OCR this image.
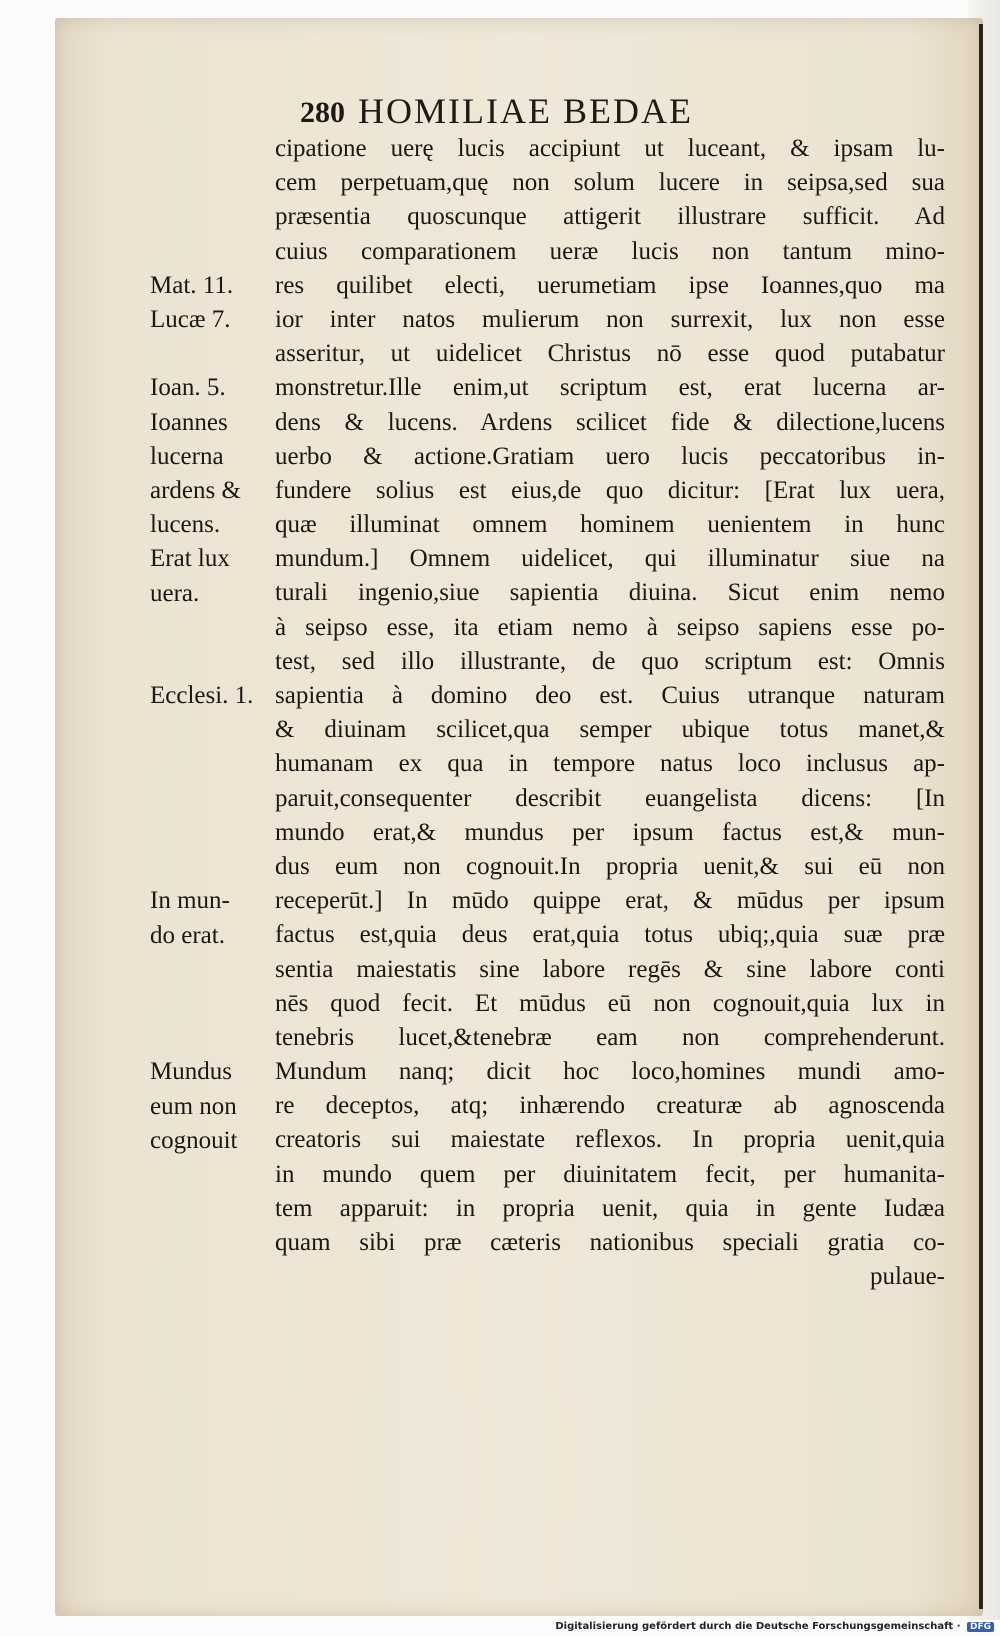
280 HOMILIAE BEDAE
cipatione uerę lucis accipiunt ut luceant, & ipsam lu-
cem perpetuam,quę non solum lucere in seipsa,sed sua
præsentia quoscunque attigerit illustrare sufficit. Ad
cuius comparationem ueræ lucis non tantum mino-
res quilibet electi, uerumetiam ipse Ioannes,quo ma
ior inter natos mulierum non surrexit, lux non esse
asseritur, ut uidelicet Christus nō esse quod putabatur
monstretur.Ille enim,ut scriptum est, erat lucerna ar-
dens & lucens. Ardens scilicet fide & dilectione,lucens
uerbo & actione.Gratiam uero lucis peccatoribus in-
fundere solius est eius,de quo dicitur: [Erat lux uera,
quæ illuminat omnem hominem uenientem in hunc
mundum.] Omnem uidelicet, qui illuminatur siue na
turali ingenio,siue sapientia diuina. Sicut enim nemo
à seipso esse, ita etiam nemo à seipso sapiens esse po-
test, sed illo illustrante, de quo scriptum est: Omnis
sapientia à domino deo est. Cuius utranque naturam
& diuinam scilicet,qua semper ubique totus manet,&
humanam ex qua in tempore natus loco inclusus ap-
paruit,consequenter describit euangelista dicens: [In
mundo erat,& mundus per ipsum factus est,& mun-
dus eum non cognouit.In propria uenit,& sui eū non
receperūt.] In mūdo quippe erat, & mūdus per ipsum
factus est,quia deus erat,quia totus ubiq;,quia suæ præ
sentia maiestatis sine labore regēs & sine labore conti
nēs quod fecit. Et mūdus eū non cognouit,quia lux in
tenebris lucet,&tenebræ eam non comprehenderunt.
Mundum nanq; dicit hoc loco,homines mundi amo-
re deceptos, atq; inhærendo creaturæ ab agnoscenda
creatoris sui maiestate reflexos. In propria uenit,quia
in mundo quem per diuinitatem fecit, per humanita-
tem apparuit: in propria uenit, quia in gente Iudæa
quam sibi præ cæteris nationibus speciali gratia co-
pulaue-
Mat. 11.
Lucæ 7.
Ioan. 5.
Ioannes
lucerna
ardens &
lucens.
Erat lux
uera.
Ecclesi. 1.
In mun-
do erat.
Mundus
eum non
cognouit
Digitalisierung gefördert durch die Deutsche Forschungsgemeinschaft · DFG
